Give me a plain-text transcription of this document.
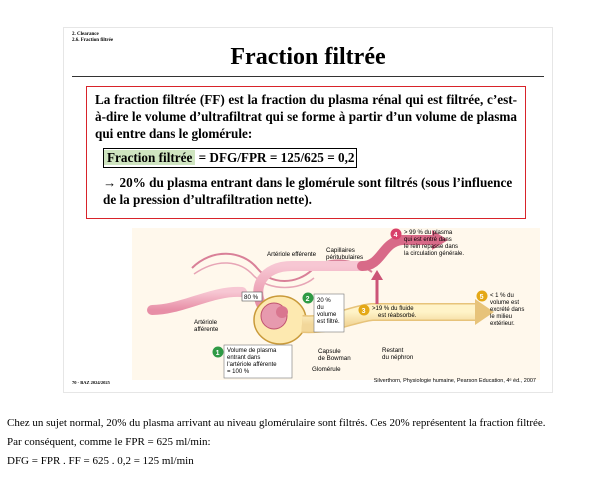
2. Clearance
2.6. Fraction filtrée
Fraction filtrée

La fraction filtrée (FF) est la fraction du plasma rénal qui est filtrée, c’est-à-dire le volume d’ultrafiltrat qui se forme à partir d’un volume de plasma qui entre dans le glomérule:

Fraction filtrée = DFG/FPR = 125/625 = 0,2
→ 20% du plasma entrant dans le glomérule sont filtrés (sous l’influence de la pression d’ultrafiltration nette).
Artériole efférente
Capillaires
péritubulaires
Artériole
afférente
80 %
Capsule
de Bowman
Glomérule
Restant
du néphron
1 Volume de plasma
entrant dans
l’artériole afférente
= 100 %
2 20 %
du
volume
est filtré.
3 >19 % du fluide
est réabsorbé.
4 > 99 % du plasma
qui est entré dans
le rein repasse dans
la circulation générale.
5 < 1 % du
volume est
excrété dans
le milieu
extérieur.
70 - BAZ 2024/2025	Silverthorn, Physiologie humaine, Pearson Education, 4ᵉ éd., 2007

Chez un sujet normal, 20% du plasma arrivant au niveau glomérulaire sont filtrés. Ces 20% représentent la fraction filtrée.

Par conséquent, comme le FPR = 625 ml/min:

DFG = FPR . FF = 625 . 0,2 = 125 ml/min
